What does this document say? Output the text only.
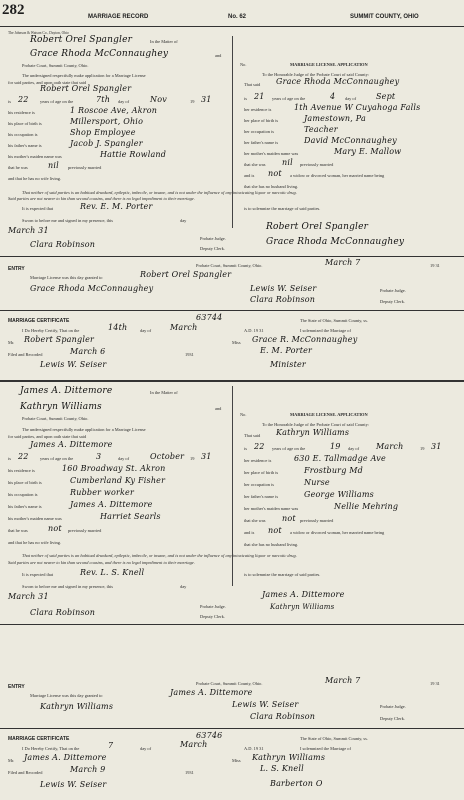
282	MARRIAGE RECORD	No. 62	SUMMIT COUNTY, OHIO
The Johnson & Watson Co., Dayton, Ohio
Robert Orel Spangler	In the Matter of
Grace Rhoda McConnaughey	and
Probate Court, Summit County, Ohio.
The undersigned respectfully make application for a Marriage License
for said parties, and upon oath state that said
Robert Orel Spangler
is 22	years of age on the	7th day of	Nov	19 31
his residence is	1 Roscoe Ave, Akron
his place of birth is	Millersport, Ohio
his occupation is	Shop Employee
his father's name is	Jacob J. Spangler
his mother's maiden name was	Hattie Rowland
that he was	nil previously married
and that he has no wife living.
No.	MARRIAGE LICENSE. APPLICATION
To the Honorable Judge of the Probate Court of said County:
That said Grace Rhoda McConnaughey
is 21 years of age on the	4 day of Sept
her residence is	1th Avenue W Cuyahoga Falls
her place of birth is	Jamestown, Pa
her occupation is	Teacher
her father's name is	David McConnaughey
her mother's maiden name was	Mary E. Mallow
that she was nil previously married
and is not a widow or divorced woman, her married name being
that she has no husband living.
That neither of said parties is an habitual drunkard, epileptic, imbecile, or insane, and is not under the influence of any intoxicating liquor or narcotic drug.
Said parties are not nearer to kin than second cousins, and there is no legal impediment to their marriage.
It is expected that	Rev. E. M. Porter	is to solemnize the marriage of said parties.
Sworn to before me and signed in my presence, this	day
March 31
Clara Robinson
Probate Judge.
Deputy Clerk.
Robert Orel Spangler
Grace Rhoda McConnaughey
ENTRY
Probate Court, Summit County, Ohio.	March 7	19 31
Marriage License was this day granted to	Robert Orel Spangler
Grace Rhoda McConnaughey	Lewis W. Seiser	Probate Judge.
Clara Robinson	Deputy Clerk.
MARRIAGE CERTIFICATE	63744	The State of Ohio, Summit County, ss.
I Do Hereby Certify, That on the	14th	day of March	A.D. 19 31	I solemnized the Marriage of
Mr. Robert Spangler	Miss Grace R. McConnaughey
Filed and Recorded	March 6	1931	E. M. Porter
Lewis W. Seiser	Minister
James A. Dittemore	In the Matter of
Kathryn Williams	and
Probate Court, Summit County, Ohio.
The undersigned respectfully make application for a Marriage License
for said parties, and upon oath state that said
James A. Dittemore
is 22	years of age on the	3	day of	October 19 31
his residence is	160 Broadway St. Akron
his place of birth is	Cumberland Ky Fisher
his occupation is	Rubber worker
his father's name is	James A. Dittemore
his mother's maiden name was	Harriet Searls
that he was	not previously married
and that he has no wife living.
No.	MARRIAGE LICENSE. APPLICATION
To the Honorable Judge of the Probate Court of said County:
That said Kathryn Williams
is 22 years of age on the	19 day of March	19 31
her residence is	630 E. Tallmadge Ave
her place of birth is	Frostburg Md
her occupation is	Nurse
her father's name is	George Williams
her mother's maiden name was	Nellie Mehring
that she was not previously married
and is not a widow or divorced woman, her married name being
that she has no husband living.
That neither of said parties is an habitual drunkard, epileptic, imbecile, or insane, and is not under the influence of any intoxicating liquor or narcotic drug.
Said parties are not nearer to kin than second cousins, and there is no legal impediment to their marriage.
It is expected that	Rev. L. S. Knell	is to solemnize the marriage of said parties.
Sworn to before me and signed in my presence, this	day
March 31
Clara Robinson
Probate Judge.
Deputy Clerk.
James A. Dittemore
Kathryn Williams
ENTRY
Probate Court, Summit County, Ohio.	March 7	19 31
Marriage License was this day granted to	James A. Dittemore
Kathryn Williams	Lewis W. Seiser	Probate Judge.
Clara Robinson	Deputy Clerk.
MARRIAGE CERTIFICATE	63746	The State of Ohio, Summit County, ss.
I Do Hereby Certify, That on the	7	day of	March	A.D. 19 31	I solemnized the Marriage of
Mr. James A. Dittemore	Miss Kathryn Williams
Filed and Recorded	March 9	1931	L. S. Knell
Lewis W. Seiser	Barberton O
